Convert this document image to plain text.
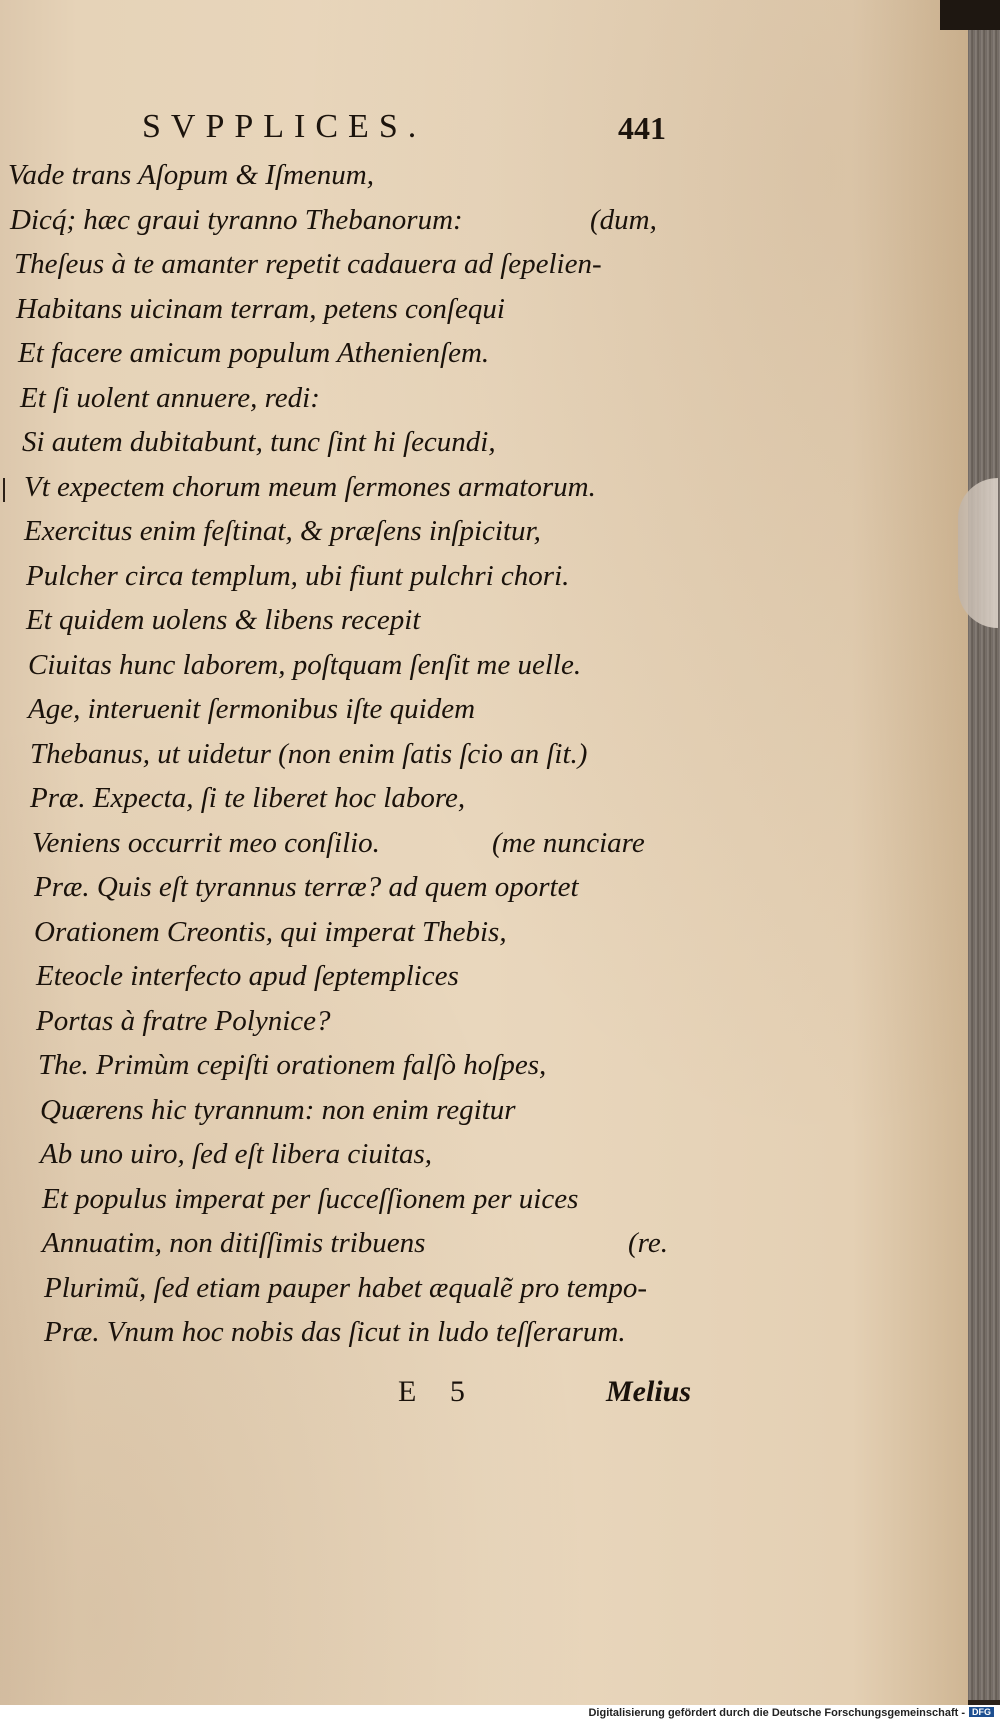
SVPPLICES.	441
Vade trans Aſopum & Iſmenum,
Dicq́; hæc graui tyranno Thebanorum:	(dum,
Theſeus à te amanter repetit cadauera ad ſepelien-
Habitans uicinam terram, petens conſequi
Et facere amicum populum Athenienſem.
Et ſi uolent annuere, redi:
Si autem dubitabunt, tunc ſint hi ſecundi,
Vt expectem chorum meum ſermones armatorum.
Exercitus enim feſtinat, & præſens inſpicitur,
Pulcher circa templum, ubi fiunt pulchri chori.
Et quidem uolens & libens recepit
Ciuitas hunc laborem, poſtquam ſenſit me uelle.
Age, interuenit ſermonibus iſte quidem
Thebanus, ut uidetur (non enim ſatis ſcio an ſit.)
Præ. Expecta, ſi te liberet hoc labore,
Veniens occurrit meo conſilio.	(me nunciare
Præ. Quis eſt tyrannus terræ? ad quem oportet
Orationem Creontis, qui imperat Thebis,
Eteocle interfecto apud ſeptemplices
Portas à fratre Polynice?
The. Primùm cepiſti orationem falſò hoſpes,
Quærens hic tyrannum: non enim regitur
Ab uno uiro, ſed eſt libera ciuitas,
Et populus imperat per ſucceſſionem per uices
Annuatim, non ditiſſimis tribuens	(re.
Plurimũ, ſed etiam pauper habet æqualẽ pro tempo-
Præ. Vnum hoc nobis das ſicut in ludo teſſerarum.
E 5	Melius
Digitalisierung gefördert durch die Deutsche Forschungsgemeinschaft - DFG
